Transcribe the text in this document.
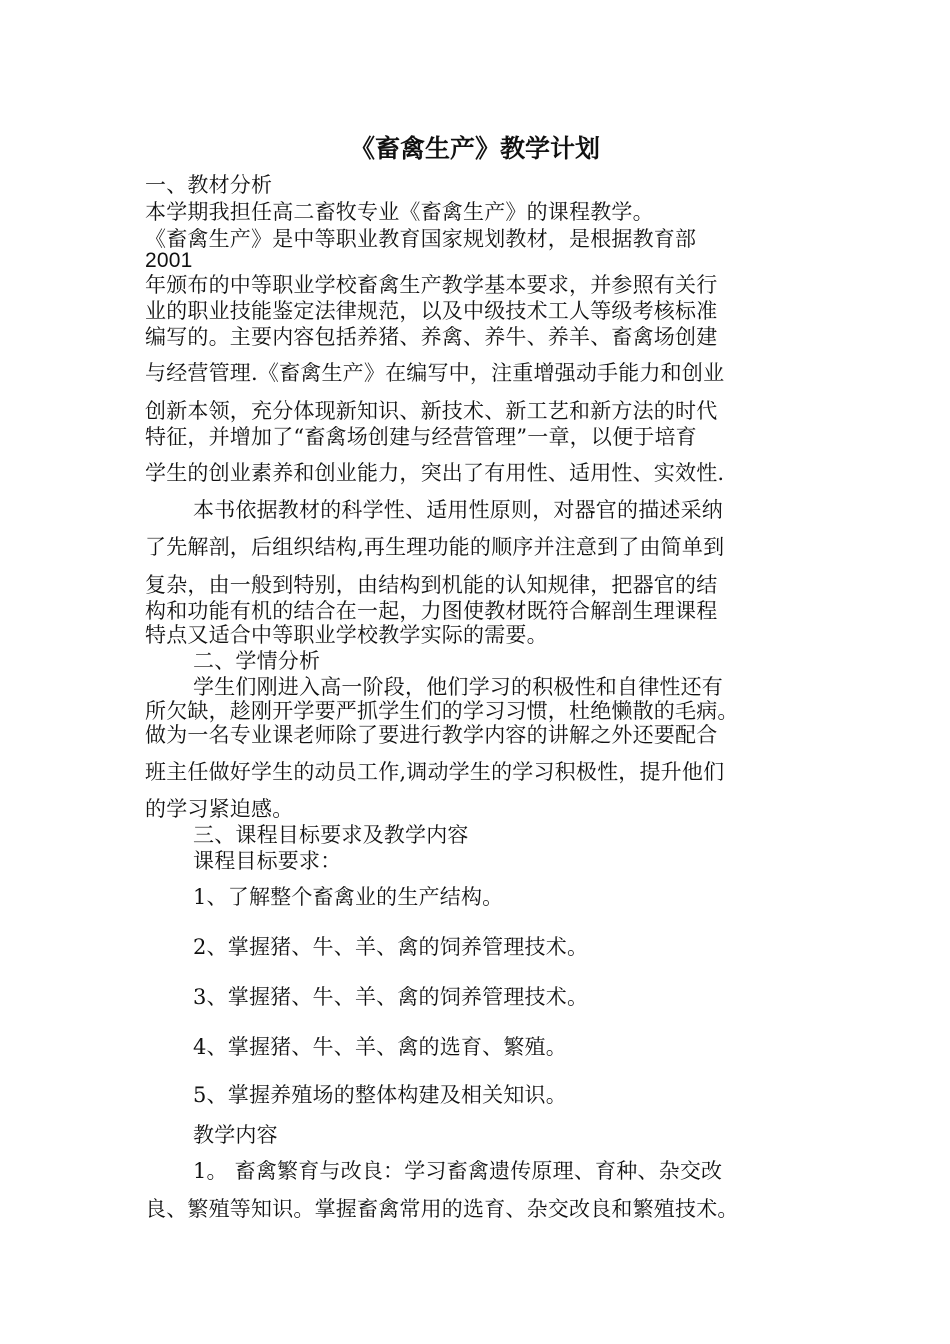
《畜禽生产》教学计划
一、教材分析
本学期我担任高二畜牧专业《畜禽生产》的课程教学。
《畜禽生产》是中等职业教育国家规划教材，是根据教育部
2001
年颁布的中等职业学校畜禽生产教学基本要求，并参照有关行
业的职业技能鉴定法律规范，以及中级技术工人等级考核标准
编写的。主要内容包括养猪、养禽、养牛、养羊、畜禽场创建
与经营管理.《畜禽生产》在编写中，注重增强动手能力和创业
创新本领，充分体现新知识、新技术、新工艺和新方法的时代
特征，并增加了“畜禽场创建与经营管理”一章，以便于培育
学生的创业素养和创业能力，突出了有用性、适用性、实效性.
本书依据教材的科学性、适用性原则，对器官的描述采纳
了先解剖，后组织结构,再生理功能的顺序并注意到了由简单到
复杂，由一般到特别，由结构到机能的认知规律，把器官的结
构和功能有机的结合在一起，力图使教材既符合解剖生理课程
特点又适合中等职业学校教学实际的需要。
二、学情分析
学生们刚进入高一阶段，他们学习的积极性和自律性还有
所欠缺，趁刚开学要严抓学生们的学习习惯，杜绝懒散的毛病。
做为一名专业课老师除了要进行教学内容的讲解之外还要配合
班主任做好学生的动员工作,调动学生的学习积极性，提升他们
的学习紧迫感。
三、课程目标要求及教学内容
课程目标要求：
1、了解整个畜禽业的生产结构。
2、掌握猪、牛、羊、禽的饲养管理技术。
3、掌握猪、牛、羊、禽的饲养管理技术。
4、掌握猪、牛、羊、禽的选育、繁殖。
5、掌握养殖场的整体构建及相关知识。
教学内容
1。 畜禽繁育与改良：学习畜禽遗传原理、育种、杂交改
良、繁殖等知识。掌握畜禽常用的选育、杂交改良和繁殖技术。
